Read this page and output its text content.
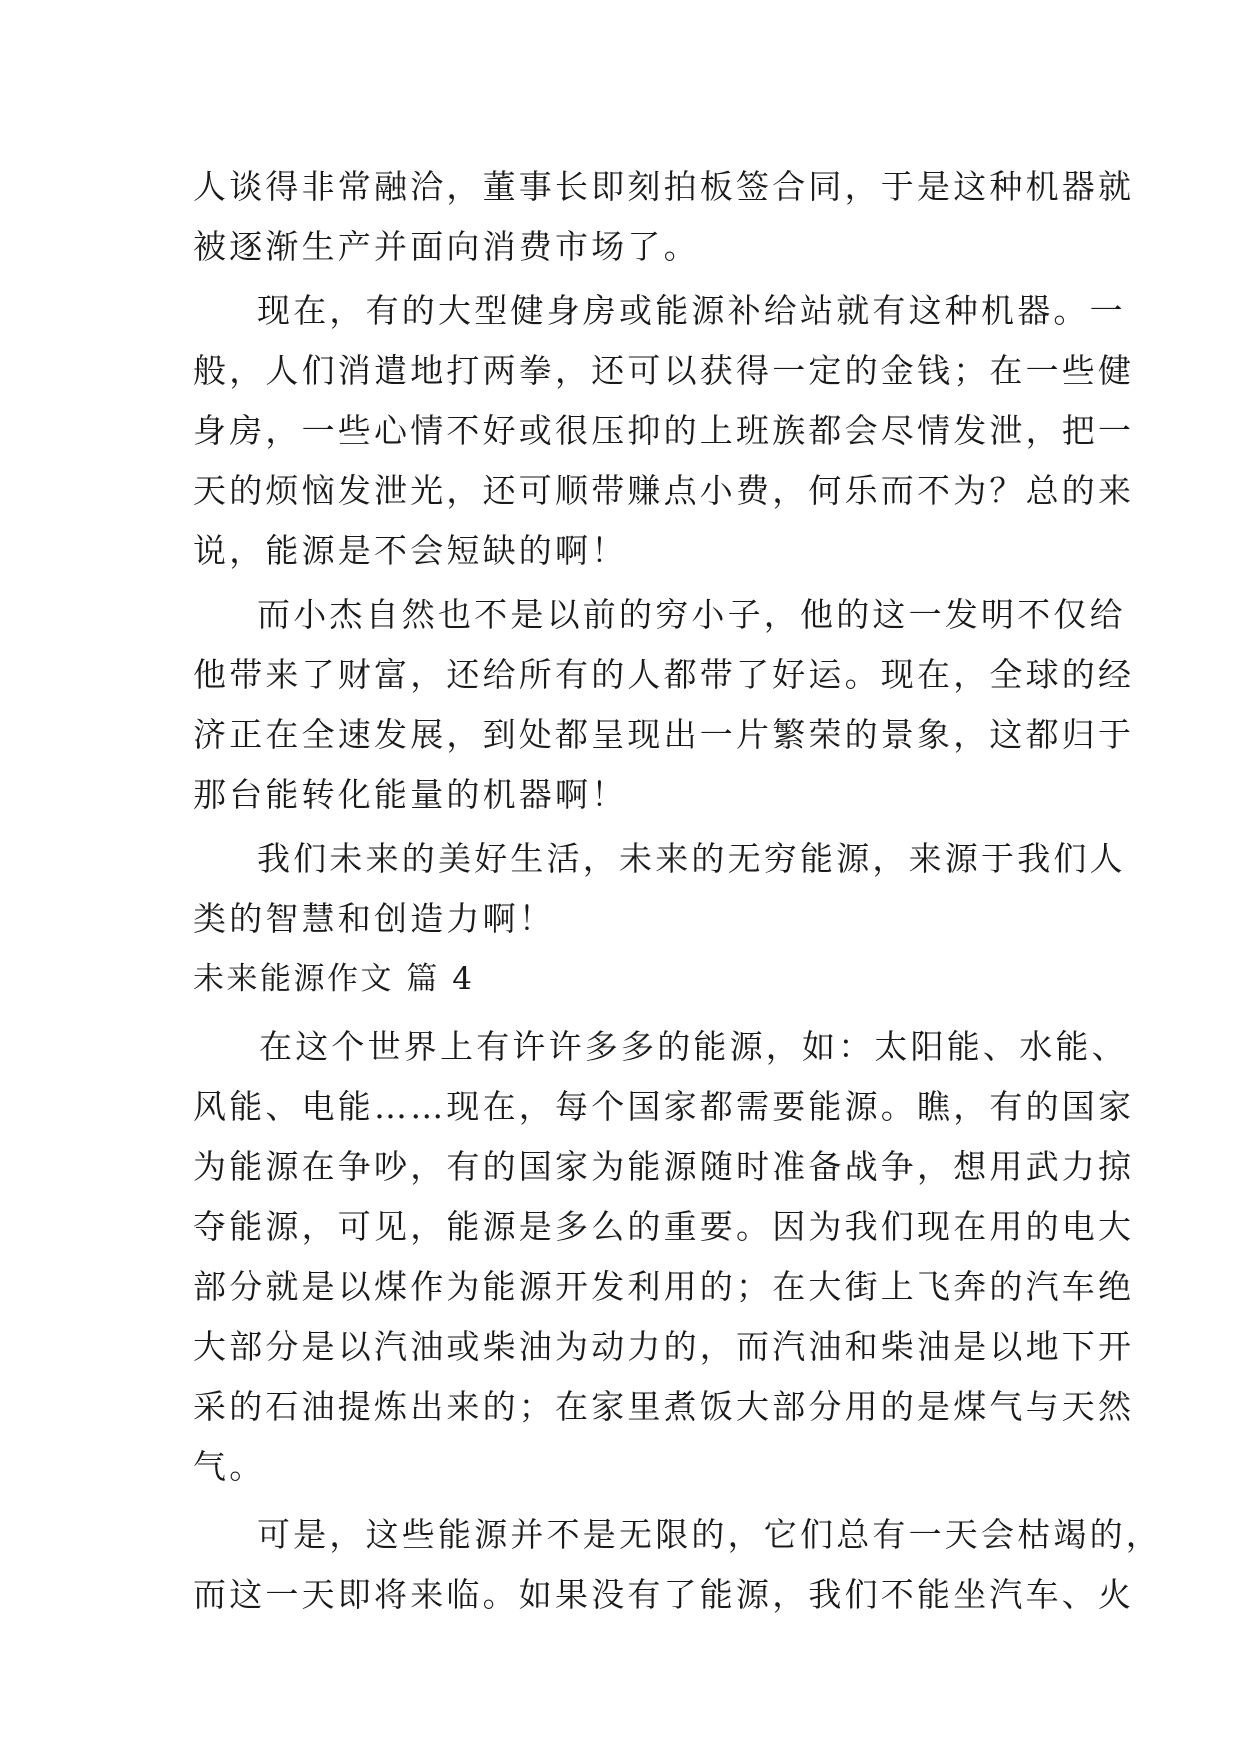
人谈得非常融洽，董事长即刻拍板签合同，于是这种机器就
被逐渐生产并面向消费市场了。
现在，有的大型健身房或能源补给站就有这种机器。一
般，人们消遣地打两拳，还可以获得一定的金钱；在一些健
身房，一些心情不好或很压抑的上班族都会尽情发泄，把一
天的烦恼发泄光，还可顺带赚点小费，何乐而不为？总的来
说，能源是不会短缺的啊！
而小杰自然也不是以前的穷小子，他的这一发明不仅给
他带来了财富，还给所有的人都带了好运。现在，全球的经
济正在全速发展，到处都呈现出一片繁荣的景象，这都归于
那台能转化能量的机器啊！
我们未来的美好生活，未来的无穷能源，来源于我们人
类的智慧和创造力啊！
未来能源作文 篇 4
在这个世界上有许许多多的能源，如：太阳能、水能、
风能、电能……现在，每个国家都需要能源。瞧，有的国家
为能源在争吵，有的国家为能源随时准备战争，想用武力掠
夺能源，可见，能源是多么的重要。因为我们现在用的电大
部分就是以煤作为能源开发利用的；在大街上飞奔的汽车绝
大部分是以汽油或柴油为动力的，而汽油和柴油是以地下开
采的石油提炼出来的；在家里煮饭大部分用的是煤气与天然
气。
可是，这些能源并不是无限的，它们总有一天会枯竭的，
而这一天即将来临。如果没有了能源，我们不能坐汽车、火
